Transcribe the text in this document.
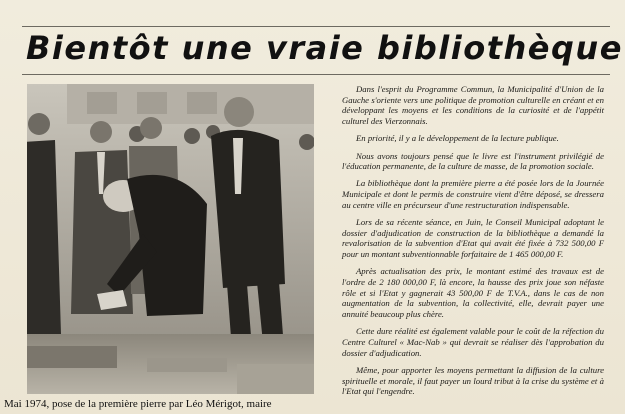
Bientôt une vraie bibliothèque
Mai 1974, pose de la première pierre par Léo Mérigot, maire

Dans l'esprit du Programme Commun, la Municipalité d'Union de la Gauche s'oriente vers une politique de promotion culturelle en créant et en développant les moyens et les conditions de la curiosité et de l'appétit culturel des Vierzonnais.

En priorité, il y a le développement de la lecture publique.

Nous avons toujours pensé que le livre est l'instrument privilégié de l'éducation permanente, de la culture de masse, de la promotion sociale.

La bibliothèque dont la première pierre a été posée lors de la Journée Municipale et dont le permis de construire vient d'être déposé, se dressera au centre ville en précurseur d'une restructuration indispensable.

Lors de sa récente séance, en Juin, le Conseil Municipal adoptant le dossier d'adjudication de construction de la bibliothèque a demandé la revalorisation de la subvention d'Etat qui avait été fixée à 732 500,00 F pour un montant subventionnable forfaitaire de 1 465 000,00 F.

Après actualisation des prix, le montant estimé des travaux est de l'ordre de 2 180 000,00 F, là encore, la hausse des prix joue son néfaste rôle et si l'Etat y gagnerait 43 500,00 F de T.V.A., dans le cas de non augmentation de la subvention, la collectivité, elle, devrait payer une annuité beaucoup plus chère.

Cette dure réalité est également valable pour le coût de la réfection du Centre Culturel « Mac-Nab » qui devrait se réaliser dès l'approbation du dossier d'adjudication.

Même, pour apporter les moyens permettant la diffusion de la culture spirituelle et morale, il faut payer un lourd tribut à la crise du système et à l'Etat qui l'engendre.
